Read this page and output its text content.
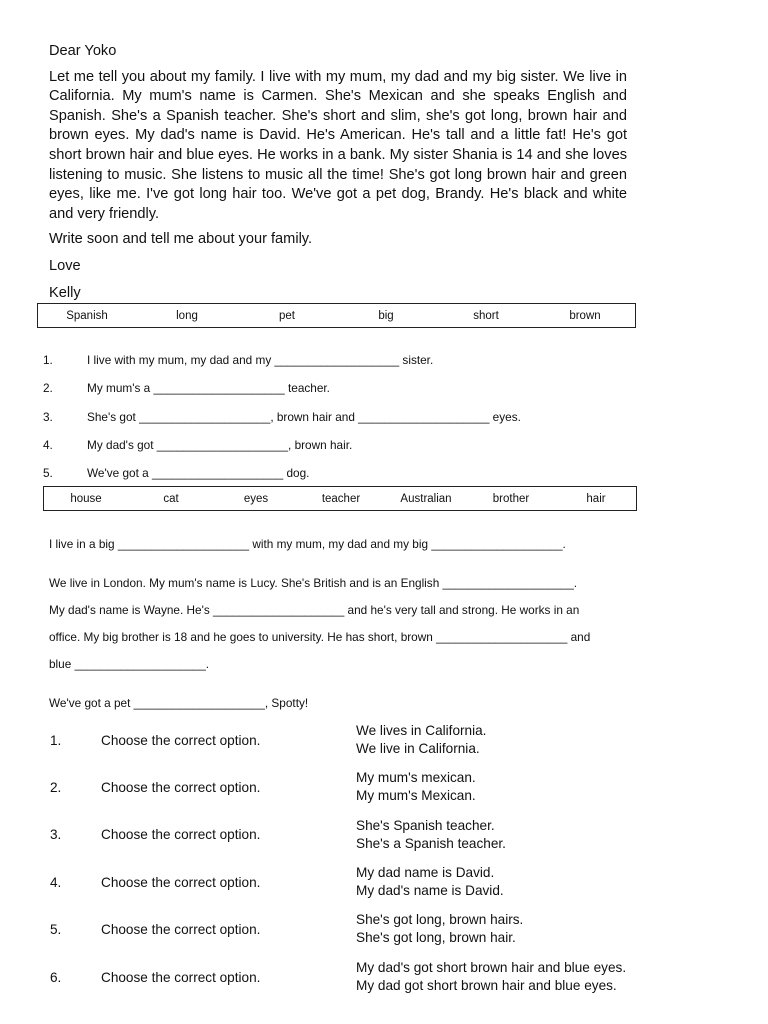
Dear Yoko

Let me tell you about my family. I live with my mum, my dad and my big sister. We live in California. My mum's name is Carmen. She's Mexican and she speaks English and Spanish. She's a Spanish teacher. She's short and slim, she's got long, brown hair and brown eyes. My dad's name is David. He's American. He's tall and a little fat! He's got short brown hair and blue eyes. He works in a bank. My sister Shania is 14 and she loves listening to music. She listens to music all the time! She's got long brown hair and green eyes, like me. I've got long hair too. We've got a pet dog, Brandy. He's black and white and very friendly.

Write soon and tell me about your family.

Love

Kelly

Spanish	long	pet	big	short	brown
1.	I live with my mum, my dad and my ___________________ sister.
2.	My mum's a ____________________ teacher.
3.	She's got ____________________, brown hair and ____________________ eyes.
4.	My dad's got ____________________, brown hair.
5.	We've got a ____________________ dog.
house	cat	eyes	teacher	Australian	brother	hair
I live in a big ____________________ with my mum, my dad and my big ____________________.
We live in London. My mum's name is Lucy. She's British and is an English ____________________.
My dad's name is Wayne. He's ____________________ and he's very tall and strong. He works in an
office. My big brother is 18 and he goes to university. He has short, brown ____________________ and
blue ____________________.
We've got a pet ____________________, Spotty!
1.	Choose the correct option.
We lives in California.
We live in California.
2.	Choose the correct option.
My mum's mexican.
My mum's Mexican.
3.	Choose the correct option.
She's Spanish teacher.
She's a Spanish teacher.
4.	Choose the correct option.
My dad name is David.
My dad's name is David.
5.	Choose the correct option.
She's got long, brown hairs.
She's got long, brown hair.
6.	Choose the correct option.
My dad's got short brown hair and blue eyes.
My dad got short brown hair and blue eyes.
